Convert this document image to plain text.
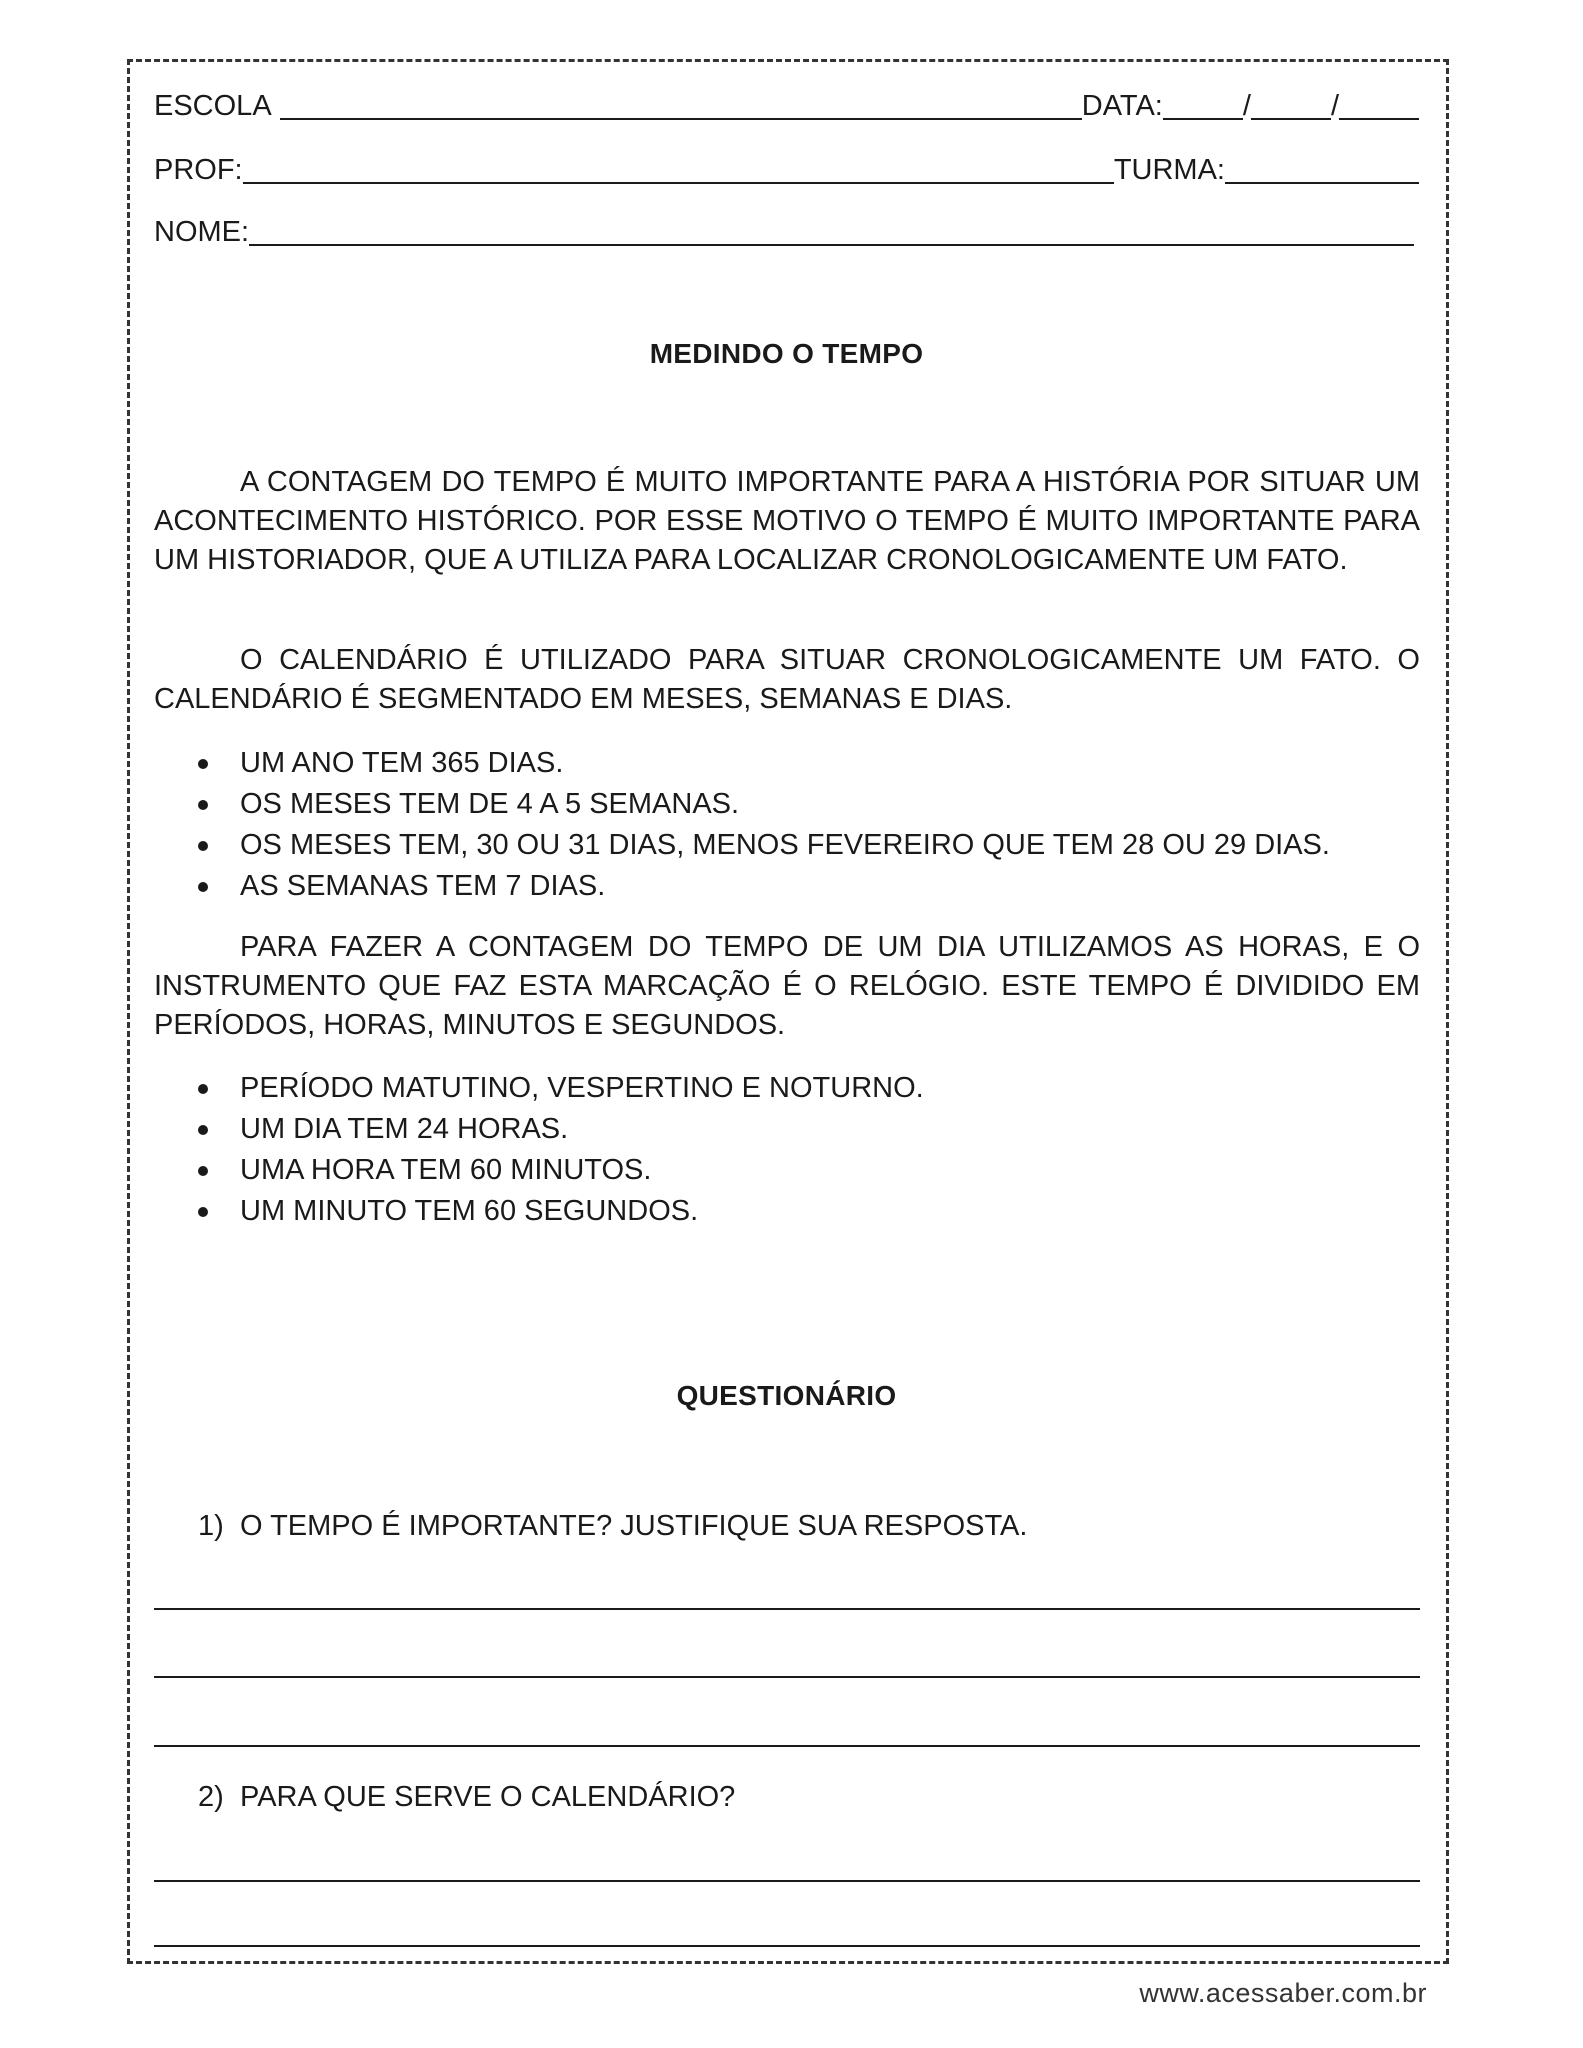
ESCOLA	DATA:	/	/
PROF:	TURMA:
NOME:
MEDINDO O TEMPO

A CONTAGEM DO TEMPO É MUITO IMPORTANTE PARA A HISTÓRIA POR SITUAR UM ACONTECIMENTO HISTÓRICO. POR ESSE MOTIVO O TEMPO É MUITO IMPORTANTE PARA UM HISTORIADOR, QUE A UTILIZA PARA LOCALIZAR CRONOLOGICAMENTE UM FATO.

O CALENDÁRIO É UTILIZADO PARA SITUAR CRONOLOGICAMENTE UM FATO. O CALENDÁRIO É SEGMENTADO EM MESES, SEMANAS E DIAS.

UM ANO TEM 365 DIAS.
OS MESES TEM DE 4 A 5 SEMANAS.
OS MESES TEM, 30 OU 31 DIAS, MENOS FEVEREIRO QUE TEM 28 OU 29 DIAS.
AS SEMANAS TEM 7 DIAS.

PARA FAZER A CONTAGEM DO TEMPO DE UM DIA UTILIZAMOS AS HORAS, E O INSTRUMENTO QUE FAZ ESTA MARCAÇÃO É O RELÓGIO. ESTE TEMPO É DIVIDIDO EM PERÍODOS, HORAS, MINUTOS E SEGUNDOS.

PERÍODO MATUTINO, VESPERTINO E NOTURNO.
UM DIA TEM 24 HORAS.
UMA HORA TEM 60 MINUTOS.
UM MINUTO TEM 60 SEGUNDOS.
QUESTIONÁRIO
1) O TEMPO É IMPORTANTE? JUSTIFIQUE SUA RESPOSTA.
2) PARA QUE SERVE O CALENDÁRIO?
www.acessaber.com.br
